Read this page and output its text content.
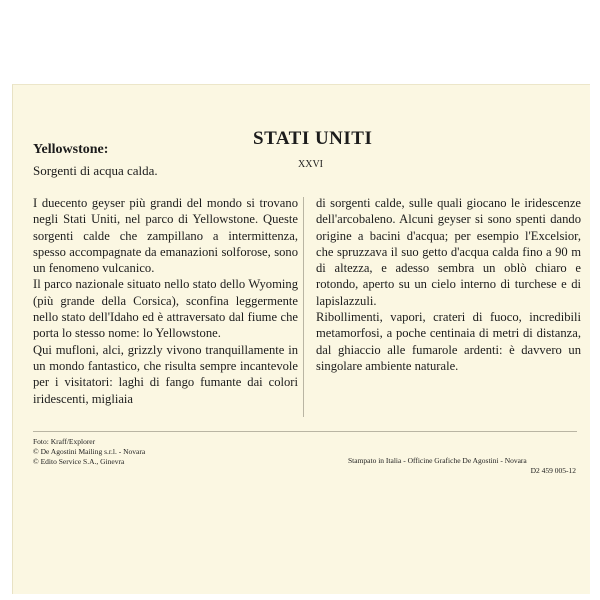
STATI UNITI
XXVI
Yellowstone:
Sorgenti di acqua calda.

I duecento geyser più grandi del mondo si trovano negli Stati Uniti, nel parco di Yellowstone. Queste sorgenti calde che zampillano a intermittenza, spesso accompagnate da emanazioni solforose, sono un fenomeno vulcanico.

Il parco nazionale situato nello stato dello Wyoming (più grande della Corsica), sconfina leggermente nello stato dell'Idaho ed è attraversato dal fiume che porta lo stesso nome: lo Yellowstone.

Qui mufloni, alci, grizzly vivono tranquillamente in un mondo fantastico, che risulta sempre incantevole per i visitatori: laghi di fango fumante dai colori iridescenti, migliaia

di sorgenti calde, sulle quali giocano le iridescenze dell'arcobaleno. Alcuni geyser si sono spenti dando origine a bacini d'acqua; per esempio l'Excelsior, che spruzzava il suo getto d'acqua calda fino a 90 m di altezza, e adesso sembra un oblò chiaro e rotondo, aperto su un cielo interno di turchese e di lapislazzuli.

Ribollimenti, vapori, crateri di fuoco, incredibili metamorfosi, a poche centinaia di metri di distanza, dal ghiaccio alle fumarole ardenti: è davvero un singolare ambiente naturale.

Foto: Kraff/Explorer
© De Agostini Mailing s.r.l. - Novara
© Edito Service S.A., Ginevra	Stampato in Italia - Officine Grafiche De Agostini - Novara
D2 459 005-12
